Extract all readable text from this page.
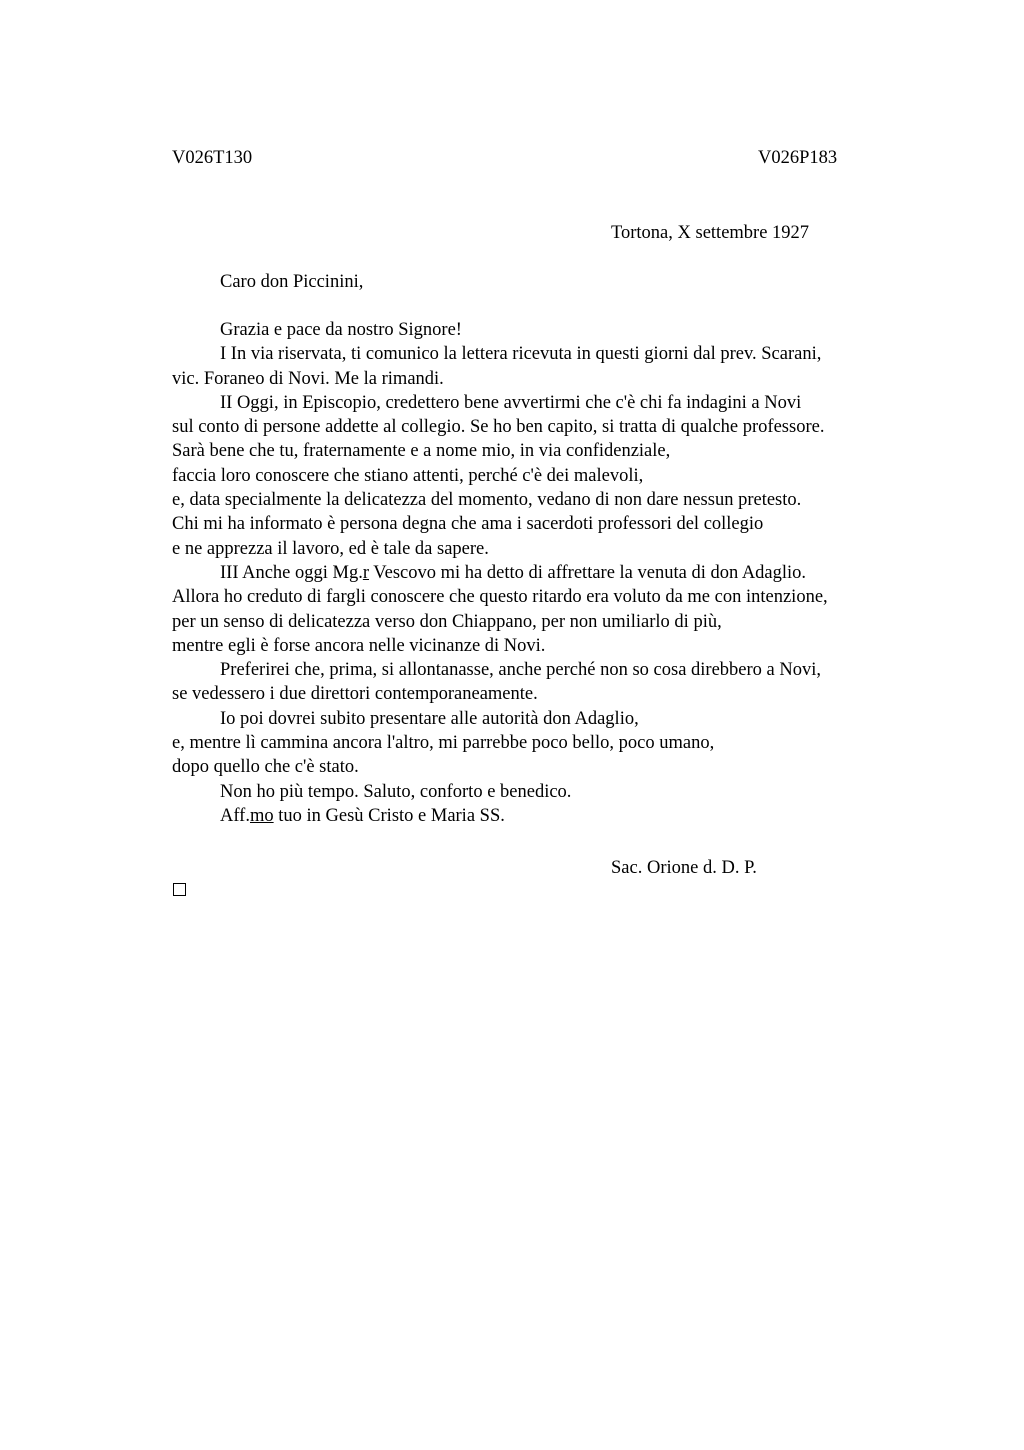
V026T130	V026P183
Tortona, X settembre 1927
Caro don Piccinini,
Grazia e pace da nostro Signore!
I In via riservata, ti comunico la lettera ricevuta in questi giorni dal prev. Scarani,
vic. Foraneo di Novi. Me la rimandi.
II Oggi, in Episcopio, credettero bene avvertirmi che c'è chi fa indagini a Novi
sul conto di persone addette al collegio. Se ho ben capito, si tratta di qualche professore.
Sarà bene che tu, fraternamente e a nome mio, in via confidenziale,
faccia loro conoscere che stiano attenti, perché c'è dei malevoli,
e, data specialmente la delicatezza del momento, vedano di non dare nessun pretesto.
Chi mi ha informato è persona degna che ama i sacerdoti professori del collegio
e ne apprezza il lavoro, ed è tale da sapere.
III Anche oggi Mg.r Vescovo mi ha detto di affrettare la venuta di don Adaglio.
Allora ho creduto di fargli conoscere che questo ritardo era voluto da me con intenzione,
per un senso di delicatezza verso don Chiappano, per non umiliarlo di più,
mentre egli è forse ancora nelle vicinanze di Novi.
Preferirei che, prima, si allontanasse, anche perché non so cosa direbbero a Novi,
se vedessero i due direttori contemporaneamente.
Io poi dovrei subito presentare alle autorità don Adaglio,
e, mentre lì cammina ancora l'altro, mi parrebbe poco bello, poco umano,
dopo quello che c'è stato.
Non ho più tempo. Saluto, conforto e benedico.
Aff.mo tuo in Gesù Cristo e Maria SS.
Sac. Orione d. D. P.
